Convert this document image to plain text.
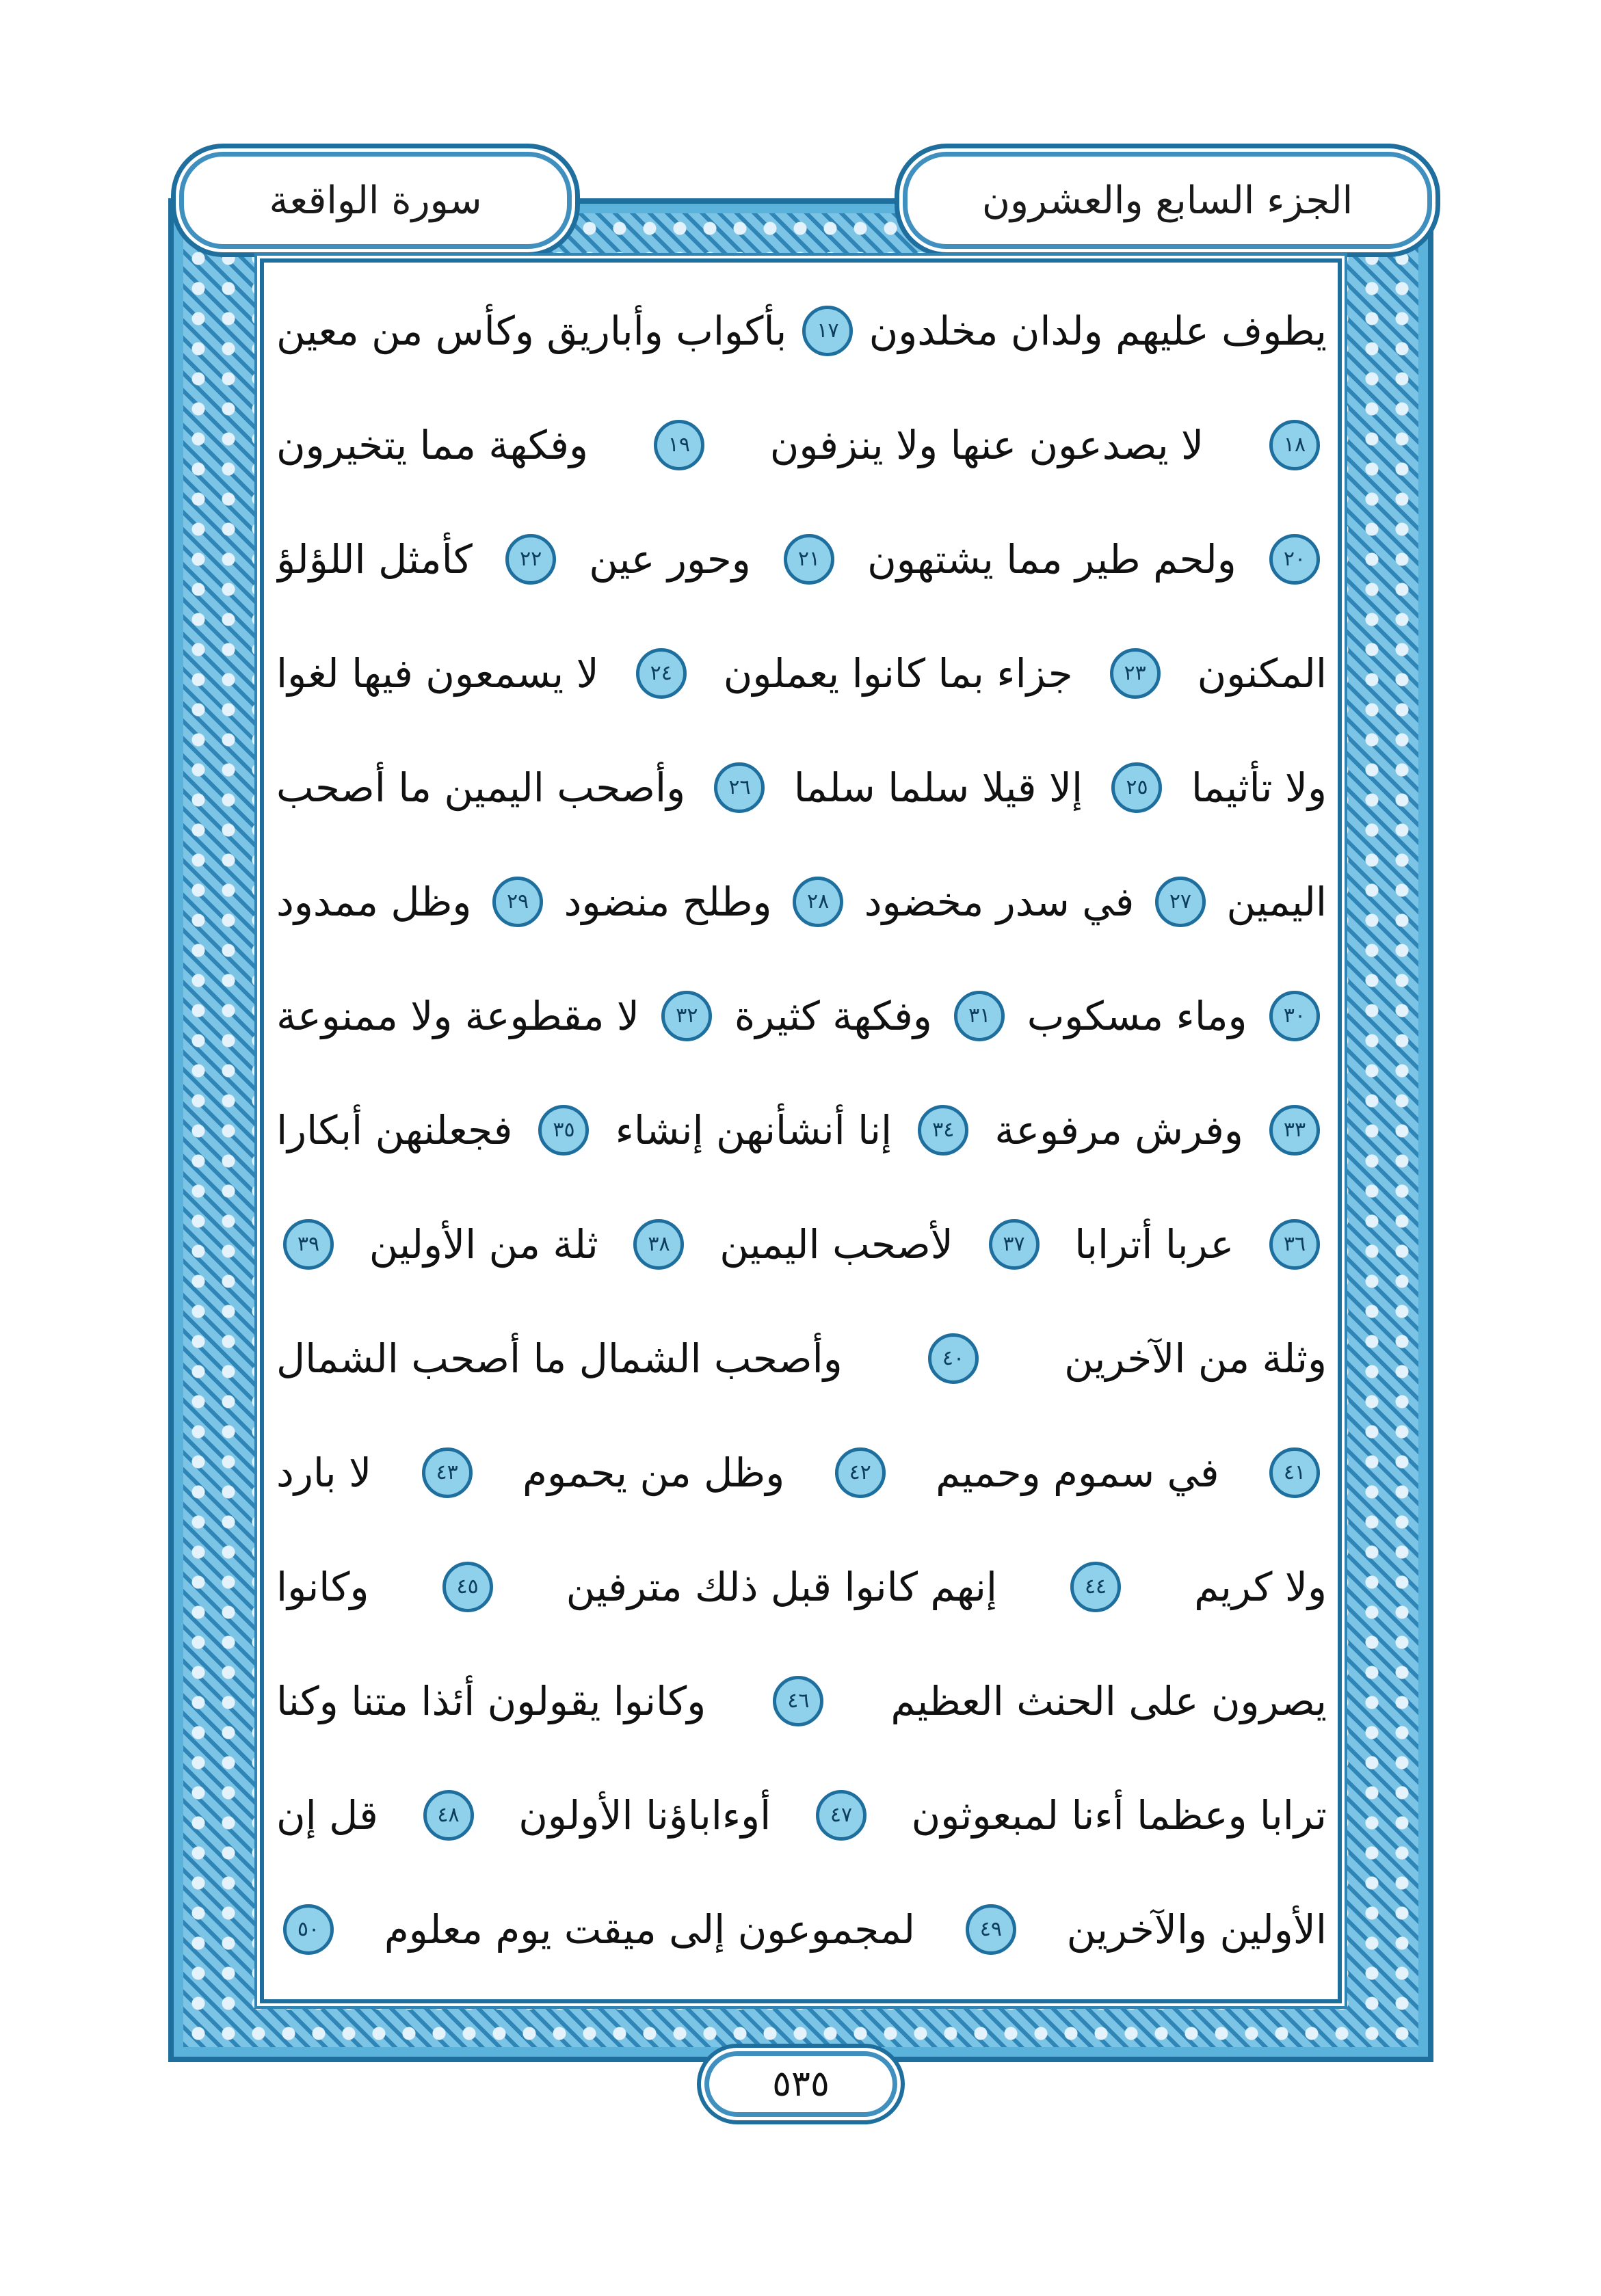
الجزء السابع والعشرون
سورة الواقعة
يطوف عليهم ولدان مخلدون
١٧
بأكواب وأباريق وكأس من معين
١٨
لا يصدعون عنها ولا ينزفون
١٩
وفكهة مما يتخيرون
٢٠
ولحم طير مما يشتهون
٢١
وحور عين
٢٢
كأمثل اللؤلؤ
المكنون
٢٣
جزاء بما كانوا يعملون
٢٤
لا يسمعون فيها لغوا
ولا تأثيما
٢٥
إلا قيلا سلما سلما
٢٦
وأصحب اليمين ما أصحب
اليمين
٢٧
في سدر مخضود
٢٨
وطلح منضود
٢٩
وظل ممدود
٣٠
وماء مسكوب
٣١
وفكهة كثيرة
٣٢
لا مقطوعة ولا ممنوعة
٣٣
وفرش مرفوعة
٣٤
إنا أنشأنهن إنشاء
٣٥
فجعلنهن أبكارا
٣٦
عربا أترابا
٣٧
لأصحب اليمين
٣٨
ثلة من الأولين
٣٩
وثلة من الآخرين
٤٠
وأصحب الشمال ما أصحب الشمال
٤١
في سموم وحميم
٤٢
وظل من يحموم
٤٣
لا بارد
ولا كريم
٤٤
إنهم كانوا قبل ذلك مترفين
٤٥
وكانوا
يصرون على الحنث العظيم
٤٦
وكانوا يقولون أئذا متنا وكنا
ترابا وعظما أءنا لمبعوثون
٤٧
أوءاباؤنا الأولون
٤٨
قل إن
الأولين والآخرين
٤٩
لمجموعون إلى ميقت يوم معلوم
٥٠
٥٣٥
